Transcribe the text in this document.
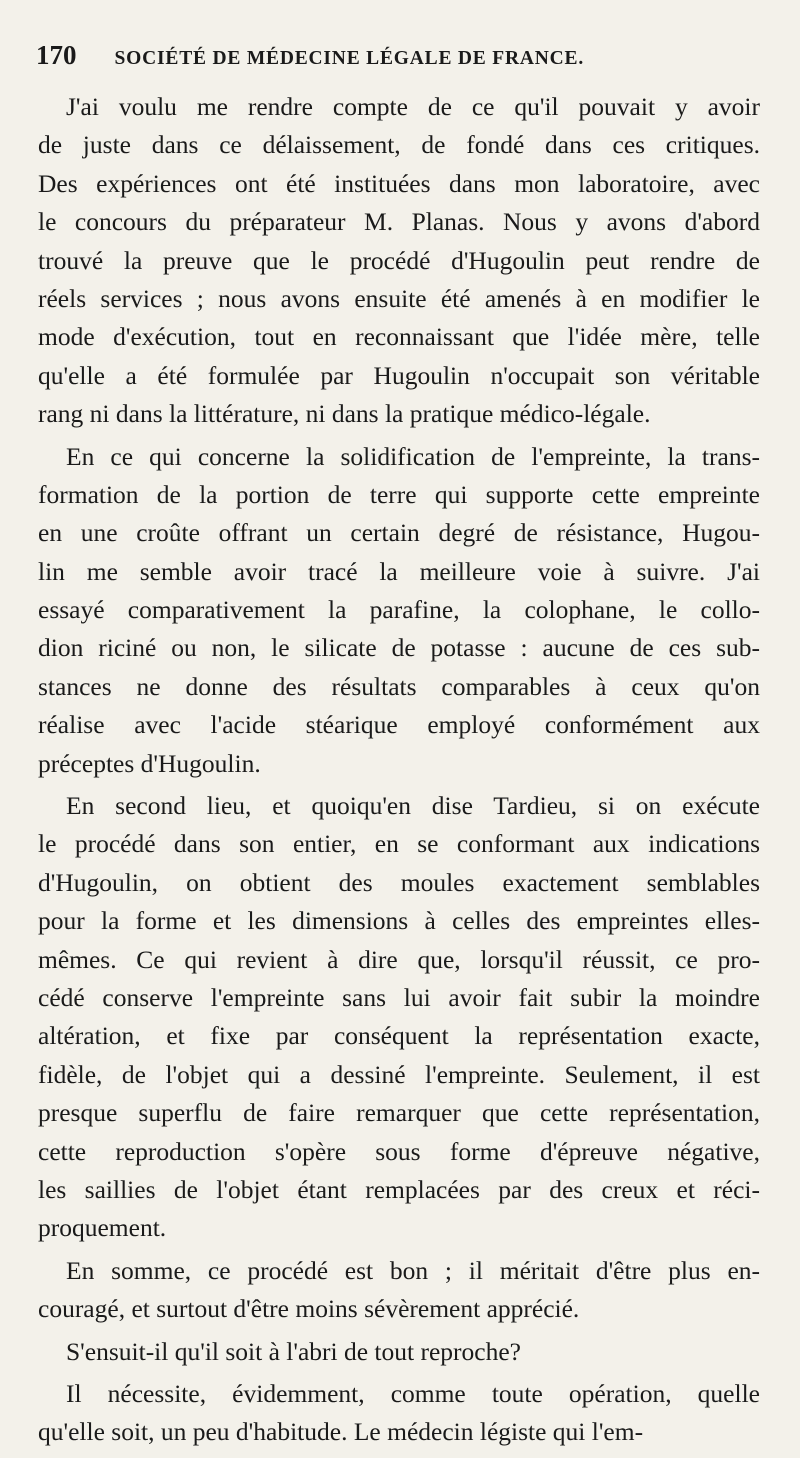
170 SOCIÉTÉ DE MÉDECINE LÉGALE DE FRANCE.
J'ai voulu me rendre compte de ce qu'il pouvait y avoir
de juste dans ce délaissement, de fondé dans ces critiques.
Des expériences ont été instituées dans mon laboratoire, avec
le concours du préparateur M. Planas. Nous y avons d'abord
trouvé la preuve que le procédé d'Hugoulin peut rendre de
réels services ; nous avons ensuite été amenés à en modifier le
mode d'exécution, tout en reconnaissant que l'idée mère, telle
qu'elle a été formulée par Hugoulin n'occupait son véritable
rang ni dans la littérature, ni dans la pratique médico-légale.
En ce qui concerne la solidification de l'empreinte, la trans-
formation de la portion de terre qui supporte cette empreinte
en une croûte offrant un certain degré de résistance, Hugou-
lin me semble avoir tracé la meilleure voie à suivre. J'ai
essayé comparativement la parafine, la colophane, le collo-
dion riciné ou non, le silicate de potasse : aucune de ces sub-
stances ne donne des résultats comparables à ceux qu'on
réalise avec l'acide stéarique employé conformément aux
préceptes d'Hugoulin.
En second lieu, et quoiqu'en dise Tardieu, si on exécute
le procédé dans son entier, en se conformant aux indications
d'Hugoulin, on obtient des moules exactement semblables
pour la forme et les dimensions à celles des empreintes elles-
mêmes. Ce qui revient à dire que, lorsqu'il réussit, ce pro-
cédé conserve l'empreinte sans lui avoir fait subir la moindre
altération, et fixe par conséquent la représentation exacte,
fidèle, de l'objet qui a dessiné l'empreinte. Seulement, il est
presque superflu de faire remarquer que cette représentation,
cette reproduction s'opère sous forme d'épreuve négative,
les saillies de l'objet étant remplacées par des creux et réci-
proquement.
En somme, ce procédé est bon ; il méritait d'être plus en-
couragé, et surtout d'être moins sévèrement apprécié.
S'ensuit-il qu'il soit à l'abri de tout reproche?
Il nécessite, évidemment, comme toute opération, quelle
qu'elle soit, un peu d'habitude. Le médecin légiste qui l'em-
